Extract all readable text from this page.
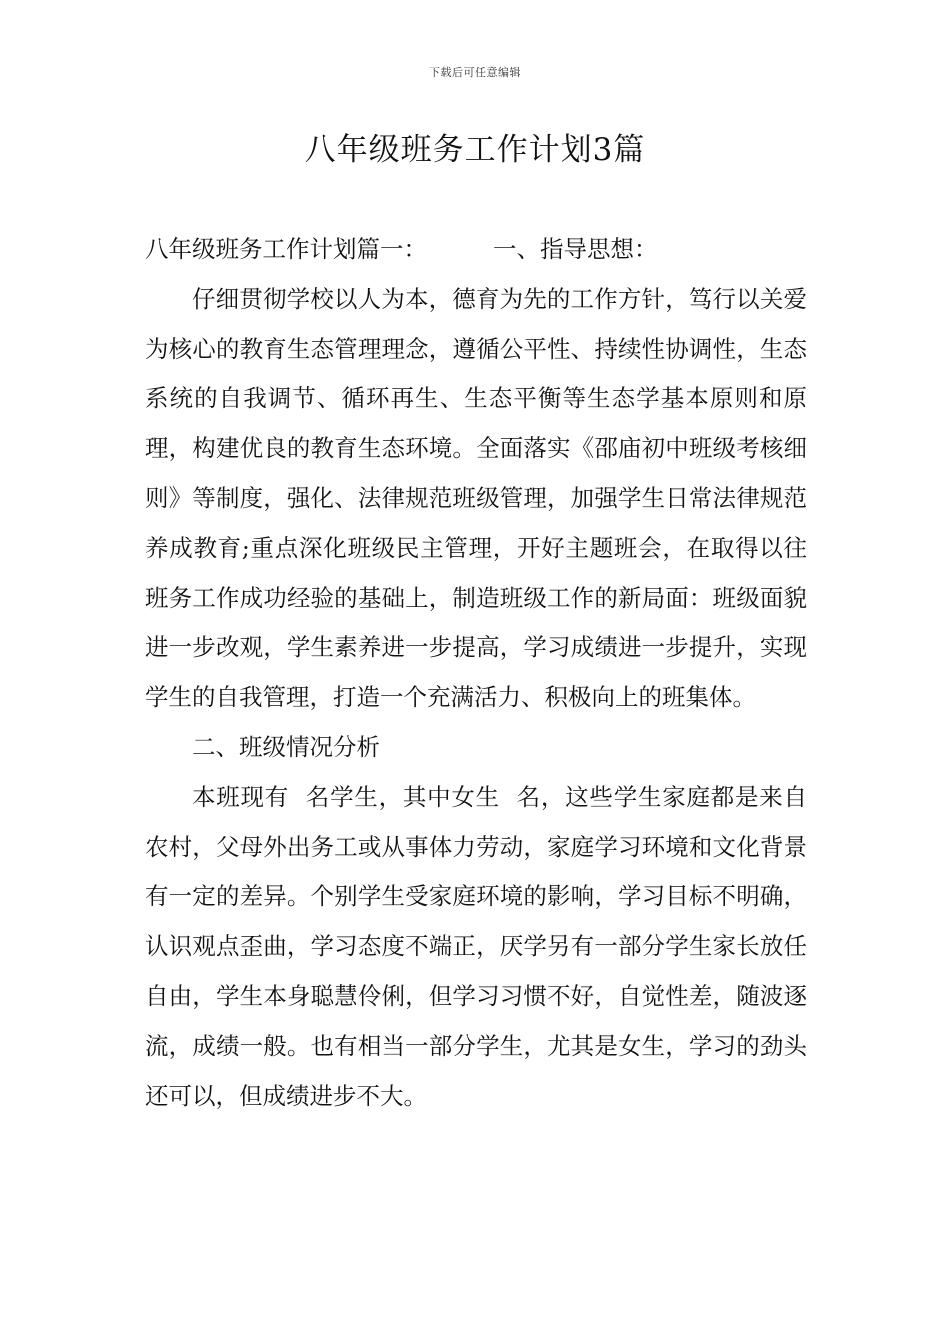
下载后可任意编辑
八年级班务工作计划3篇

八年级班务工作计划篇一：	一、指导思想：

仔细贯彻学校以人为本，德育为先的工作方针，笃行以关爱为核心的教育生态管理理念，遵循公平性、持续性协调性，生态系统的自我调节、循环再生、生态平衡等生态学基本原则和原理，构建优良的教育生态环境。全面落实《邵庙初中班级考核细则》等制度，强化、法律规范班级管理，加强学生日常法律规范养成教育;重点深化班级民主管理，开好主题班会，在取得以往班务工作成功经验的基础上，制造班级工作的新局面：班级面貌进一步改观，学生素养进一步提高，学习成绩进一步提升，实现学生的自我管理，打造一个充满活力、积极向上的班集体。

二、班级情况分析

本班现有 名学生，其中女生 名，这些学生家庭都是来自农村，父母外出务工或从事体力劳动，家庭学习环境和文化背景有一定的差异。个别学生受家庭环境的影响，学习目标不明确，认识观点歪曲，学习态度不端正，厌学另有一部分学生家长放任自由，学生本身聪慧伶俐，但学习习惯不好，自觉性差，随波逐流，成绩一般。也有相当一部分学生，尤其是女生，学习的劲头还可以，但成绩进步不大。
